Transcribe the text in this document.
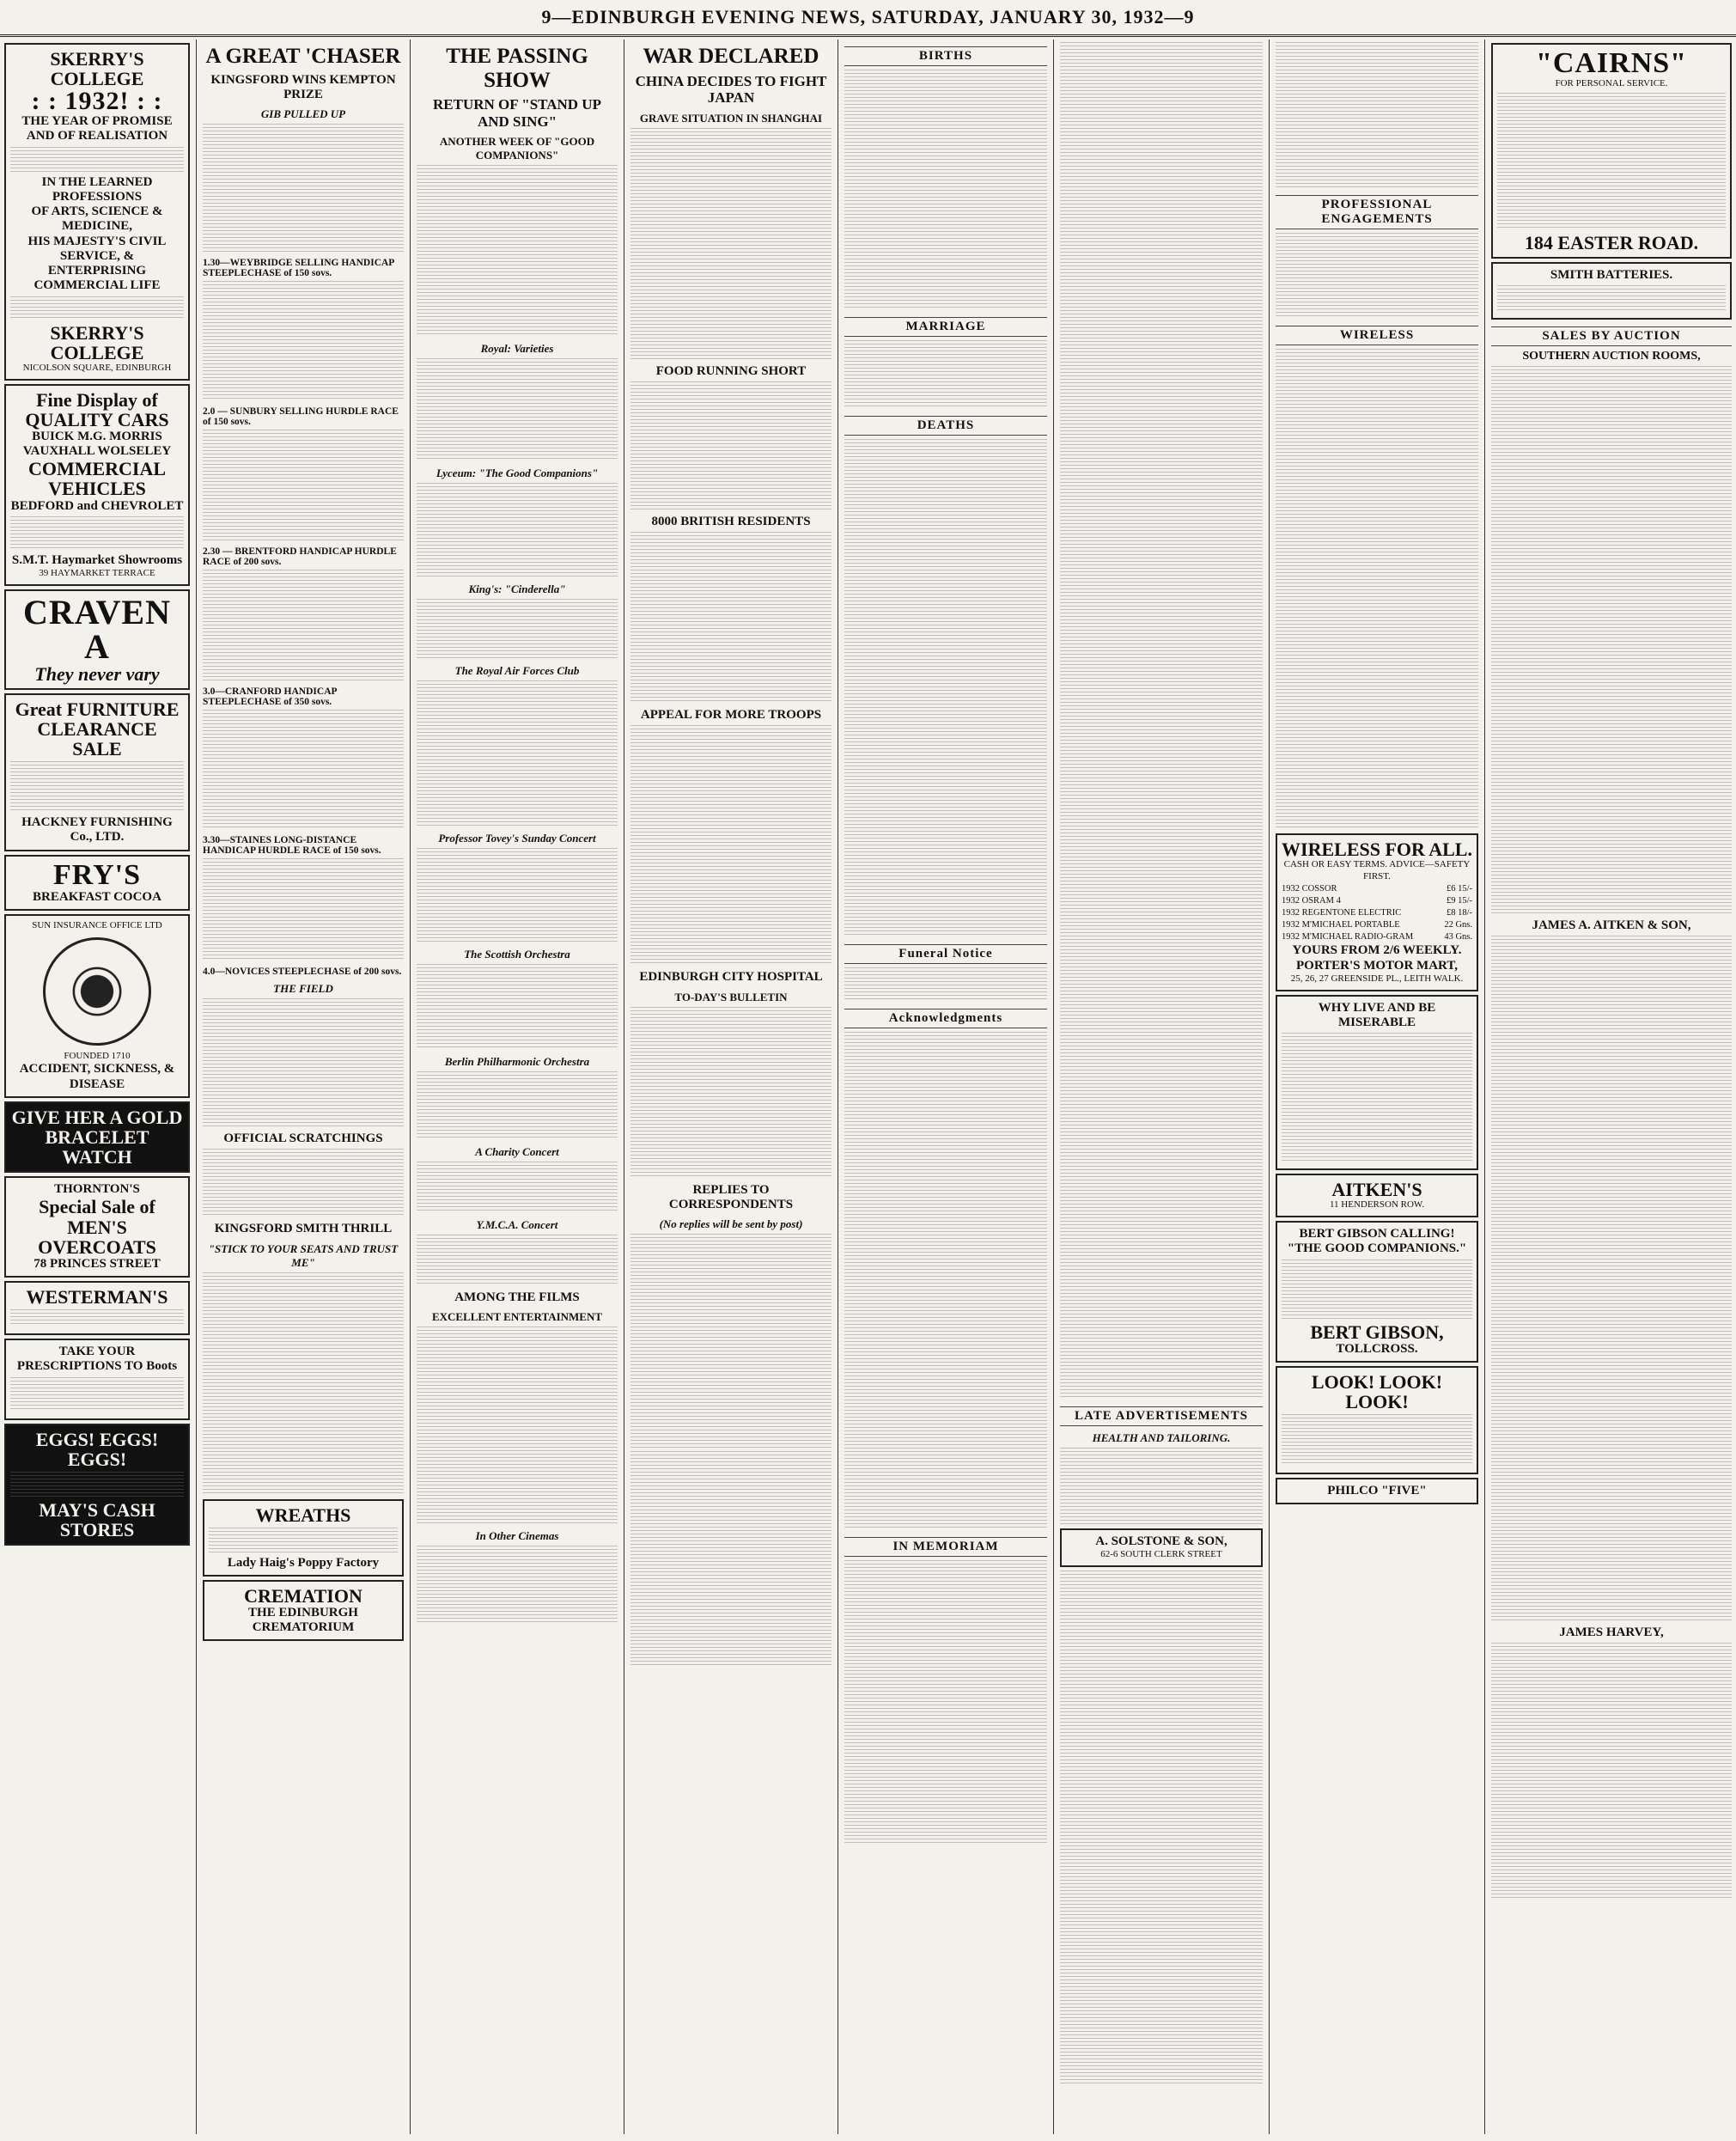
9—EDINBURGH EVENING NEWS, SATURDAY, JANUARY 30, 1932—9
SKERRY'S COLLEGE
: : 1932! : :
THE YEAR OF PROMISE AND OF REALISATION
IN THE LEARNED PROFESSIONS
OF ARTS, SCIENCE & MEDICINE,
HIS MAJESTY'S CIVIL SERVICE, &
ENTERPRISING COMMERCIAL LIFE
SKERRY'S COLLEGE
NICOLSON SQUARE, EDINBURGH
Fine Display of QUALITY CARS
BUICK M.G. MORRIS VAUXHALL WOLSELEY
COMMERCIAL VEHICLES
BEDFORD and CHEVROLET
S.M.T. Haymarket Showrooms
39 HAYMARKET TERRACE
CRAVEN A
They never vary
Great FURNITURE CLEARANCE SALE
HACKNEY FURNISHING Co., LTD.
FRY'S
BREAKFAST COCOA
SUN INSURANCE OFFICE LTD
FOUNDED 1710
ACCIDENT, SICKNESS, & DISEASE
GIVE HER A GOLD BRACELET WATCH
THORNTON'S
Special Sale of MEN'S OVERCOATS
78 PRINCES STREET
WESTERMAN'S
TAKE YOUR PRESCRIPTIONS TO Boots
EGGS! EGGS! EGGS!
MAY'S CASH STORES
A GREAT 'CHASER
KINGSFORD WINS KEMPTON PRIZE
GIB PULLED UP
1.30—WEYBRIDGE SELLING HANDICAP STEEPLECHASE of 150 sovs.
2.0 — SUNBURY SELLING HURDLE RACE of 150 sovs.
2.30 — BRENTFORD HANDICAP HURDLE RACE of 200 sovs.
3.0—CRANFORD HANDICAP STEEPLECHASE of 350 sovs.
3.30—STAINES LONG-DISTANCE HANDICAP HURDLE RACE of 150 sovs.
4.0—NOVICES STEEPLECHASE of 200 sovs.
THE FIELD
OFFICIAL SCRATCHINGS
KINGSFORD SMITH THRILL
"STICK TO YOUR SEATS AND TRUST ME"
WREATHS
Lady Haig's Poppy Factory
CREMATION
THE EDINBURGH CREMATORIUM
THE PASSING SHOW
RETURN OF "STAND UP AND SING"
ANOTHER WEEK OF "GOOD COMPANIONS"
Royal: Varieties
Lyceum: "The Good Companions"
King's: "Cinderella"
The Royal Air Forces Club
Professor Tovey's Sunday Concert
The Scottish Orchestra
Berlin Philharmonic Orchestra
A Charity Concert
Y.M.C.A. Concert
AMONG THE FILMS
EXCELLENT ENTERTAINMENT
In Other Cinemas
WAR DECLARED
CHINA DECIDES TO FIGHT JAPAN
GRAVE SITUATION IN SHANGHAI
FOOD RUNNING SHORT
8000 BRITISH RESIDENTS
APPEAL FOR MORE TROOPS
EDINBURGH CITY HOSPITAL
TO-DAY'S BULLETIN
REPLIES TO CORRESPONDENTS
(No replies will be sent by post)
BIRTHS
MARRIAGE
DEATHS
Funeral Notice
Acknowledgments
IN MEMORIAM
LATE ADVERTISEMENTS
HEALTH AND TAILORING.
A. SOLSTONE & SON,
62-6 SOUTH CLERK STREET
PROFESSIONAL ENGAGEMENTS
WIRELESS
WIRELESS FOR ALL.
CASH OR EASY TERMS. ADVICE—SAFETY FIRST.
1932 COSSOR	£6 15/-
1932 OSRAM 4	£9 15/-
1932 REGENTONE ELECTRIC	£8 18/-
1932 M'MICHAEL PORTABLE	22 Gns.
1932 M'MICHAEL RADIO-GRAM	43 Gns.
YOURS FROM 2/6 WEEKLY.
PORTER'S MOTOR MART,
25, 26, 27 GREENSIDE PL., LEITH WALK.
WHY LIVE AND BE MISERABLE
AITKEN'S
11 HENDERSON ROW.
BERT GIBSON CALLING!
"THE GOOD COMPANIONS."
BERT GIBSON,
TOLLCROSS.
LOOK! LOOK! LOOK!
PHILCO "FIVE"
"CAIRNS"
FOR PERSONAL SERVICE.
184 EASTER ROAD.
SMITH BATTERIES.
SALES BY AUCTION
SOUTHERN AUCTION ROOMS,
JAMES A. AITKEN & SON,
JAMES HARVEY,
